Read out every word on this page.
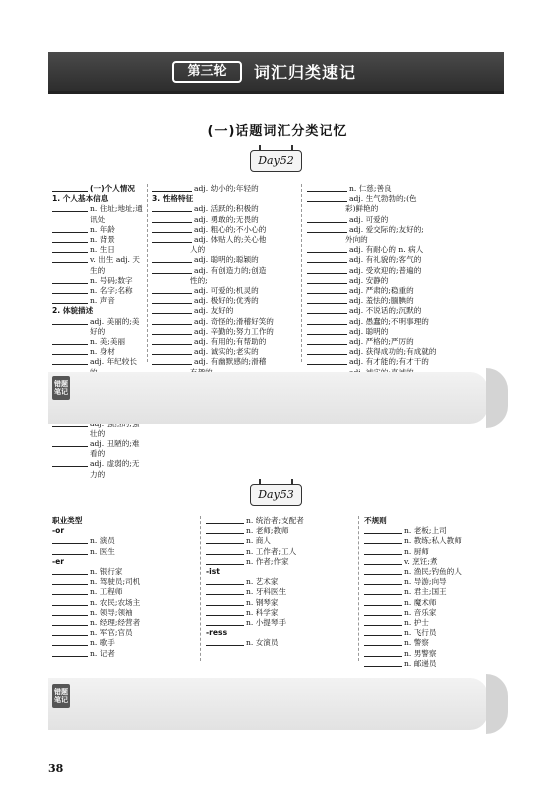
第三轮	词汇归类速记
(一)话题词汇分类记忆
Day52
(一)个人情况
1. 个人基本信息
n. 住址;地址;通讯处
n. 年龄
n. 背景
n. 生日
v. 出生 adj. 天生的
n. 号码;数字
n. 名字;名称
n. 声音
2. 体貌描述
adj. 美丽的;美好的
n. 美;美丽
n. 身材
adj. 年纪较长
壮的
adj. 丑陋的;难看的
adj. 虚弱的;无力的
adj. 幼小的;年轻的
3. 性格特征
adj. 活跃的;积极的
adj. 勇敢的;无畏的
adj. 粗心的;不小心的
adj. 体贴人的;关心他
人的
adj. 聪明的;聪颖的
adj. 有创造力的;创造
性的;
adj. 可爱的;机灵的
adj. 极好的;优秀的
adj. 友好的
adj. 奇怪的;滑稽好笑的
adj. 辛勤的;努力工作的
adj. 有用的;有帮助的
adj. 诚实的;老实的
adj. 有幽默感的;滑稽
n. 仁慈;善良
adj. 生气勃勃的;(色
彩)鲜艳的
adj. 可爱的
adj. 爱交际的;友好的;
外向的
adj. 有耐心的 n. 病人
adj. 有礼貌的;客气的
adj. 受欢迎的;普遍的
adj. 安静的
adj. 严肃的;稳重的
adj. 羞怯的;腼腆的
adj. 不说话的;沉默的
adj. 愚蠢的;不明事理的
adj. 聪明的
adj. 严格的;严厉的
adj. 获得成功的;有成就的
adj. 有才能的;有才干的
错题笔记
Day53
职业类型
-or
n. 演员
n. 医生
-er
n. 银行家
n. 驾驶员;司机
n. 工程师
n. 农民;农场主
n. 领导;领袖
n. 经理;经营者
n. 军官;官员
n. 歌手
n. 记者
n. 统治者;支配者
n. 老师;教师
n. 商人
n. 工作者;工人
n. 作者;作家
-ist
n. 艺术家
n. 牙科医生
n. 钢琴家
n. 科学家
n. 小提琴手
-ress
n. 女演员
不规则
n. 老板;上司
n. 教练;私人教师
n. 厨师
v. 烹饪;煮
n. 渔民;钓鱼的人
n. 导游;向导
n. 君主;国王
n. 魔术师
n. 音乐家
n. 护士
n. 飞行员
n. 警察
n. 男警察
n. 邮递员
错题笔记
38
